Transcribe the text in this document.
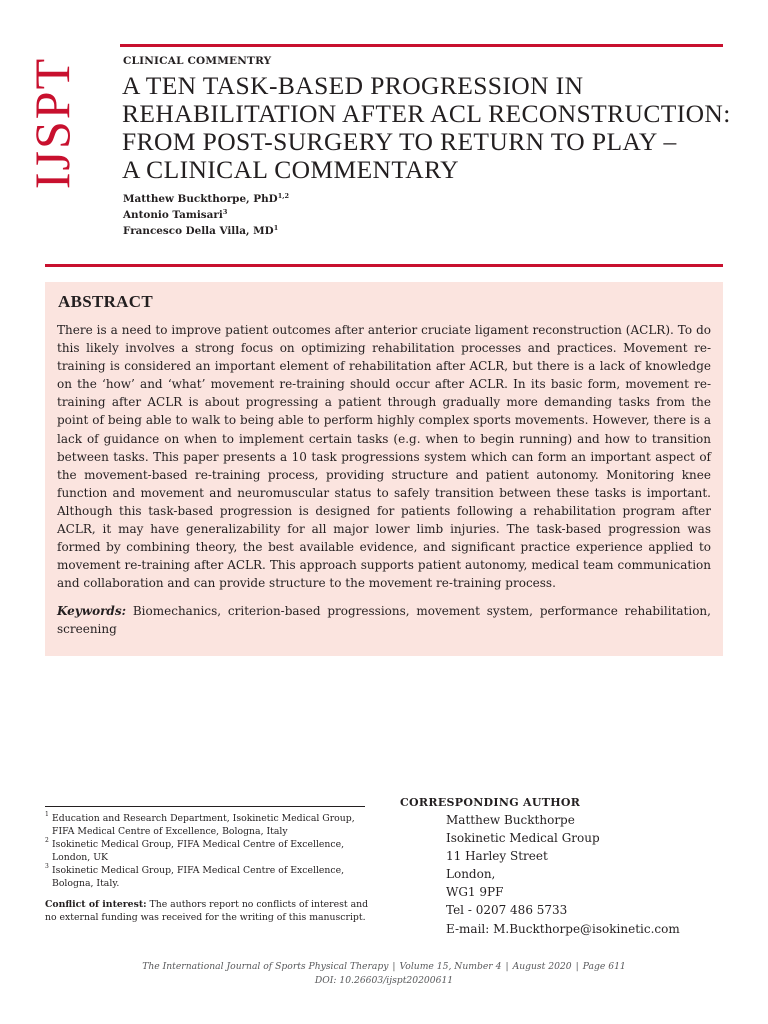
IJSPT	CLINICAL COMMENTRY
A TEN TASK-BASED PROGRESSION IN
REHABILITATION AFTER ACL RECONSTRUCTION:
FROM POST-SURGERY TO RETURN TO PLAY –
A CLINICAL COMMENTARY
Matthew Buckthorpe, PhD$^{1,2}$
Antonio Tamisari$^3$
Francesco Della Villa, $MD^1$
ABSTRACT

There is a need to improve patient outcomes after anterior cruciate ligament reconstruction (ACLR). To do this likely involves a strong focus on optimizing rehabilitation processes and practices. Movement re-training is considered an important element of rehabilitation after ACLR, but there is a lack of knowledge on the ‘how’ and ‘what’ movement re-training should occur after ACLR. In its basic form, movement re-training after ACLR is about progressing a patient through gradually more demanding tasks from the point of being able to walk to being able to perform highly complex sports movements. However, there is a lack of guidance on when to implement certain tasks (e.g. when to begin running) and how to transition between tasks. This paper presents a 10 task progressions system which can form an important aspect of the movement-based re-training process, providing structure and patient autonomy. Monitoring knee function and movement and neuromuscular status to safely transition between these tasks is important. Although this task-based progression is designed for patients following a rehabilitation program after ACLR, it may have generalizability for all major lower limb injuries. The task-based progression was formed by combining theory, the best available evidence, and significant practice experience applied to movement re-training after ACLR. This approach supports patient autonomy, medical team communication and collaboration and can provide structure to the movement re-training process.

Keywords: Biomechanics, criterion-based progressions, movement system, performance rehabilitation, screening

1 Education and Research Department, Isokinetic Medical Group, FIFA Medical Centre of Excellence, Bologna, Italy

2 Isokinetic Medical Group, FIFA Medical Centre of Excellence, London, UK

3 Isokinetic Medical Group, FIFA Medical Centre of Excellence, Bologna, Italy.

Conflict of interest: The authors report no conflicts of interest and no external funding was received for the writing of this manuscript.

CORRESPONDING AUTHOR
Matthew Buckthorpe
Isokinetic Medical Group
11 Harley Street
London,
WG1 9PF
Tel - 0207 486 5733
E-mail: M.Buckthorpe@isokinetic.com
The International Journal of Sports Physical Therapy | Volume 15, Number 4 | August 2020 | Page 611
DOI: 10.26603/ijspt20200611
